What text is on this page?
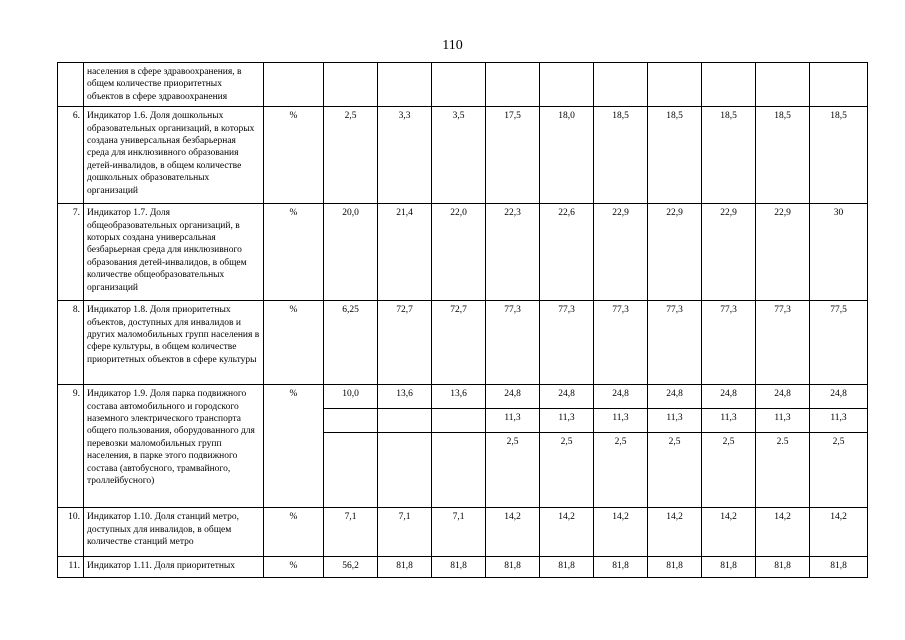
110
	населения в сфере здравоохранения, в общем количестве приоритетных объектов в сфере здравоохранения											
6.	Индикатор 1.6. Доля дошкольных образовательных организаций, в которых создана универсальная безбарьерная среда для инклюзивного образования детей-инвалидов, в общем количестве дошкольных образовательных организаций	%	2,5	3,3	3,5	17,5	18,0	18,5	18,5	18,5	18,5	18,5
7.	Индикатор 1.7. Доля общеобразовательных организаций, в которых создана универсальная безбарьерная среда для инклюзивного образования детей-инвалидов, в общем количестве общеобразовательных организаций	%	20,0	21,4	22,0	22,3	22,6	22,9	22,9	22,9	22,9	30
8.	Индикатор 1.8. Доля приоритетных объектов, доступных для инвалидов и других маломобильных групп населения в сфере культуры, в общем количестве приоритетных объектов в сфере культуры	%	6,25	72,7	72,7	77,3	77,3	77,3	77,3	77,3	77,3	77,5
9.	Индикатор 1.9. Доля парка подвижного состава автомобильного и городского наземного электрического транспорта общего пользования, оборудованного для перевозки маломобильных групп населения, в парке этого подвижного состава (автобусного, трамвайного, троллейбусного)	%	10,0	13,6	13,6	24,8	24,8	24,8	24,8	24,8	24,8	24,8
						11,3	11,3	11,3	11,3	11,3	11,3	11,3
						2,5	2,5	2,5	2,5	2,5	2.5	2,5
10.	Индикатор 1.10. Доля станций метро, доступных для инвалидов, в общем количестве станций метро	%	7,1	7,1	7,1	14,2	14,2	14,2	14,2	14,2	14,2	14,2
11.	Индикатор 1.11. Доля приоритетных	%	56,2	81,8	81,8	81,8	81,8	81,8	81,8	81,8	81,8	81,8
